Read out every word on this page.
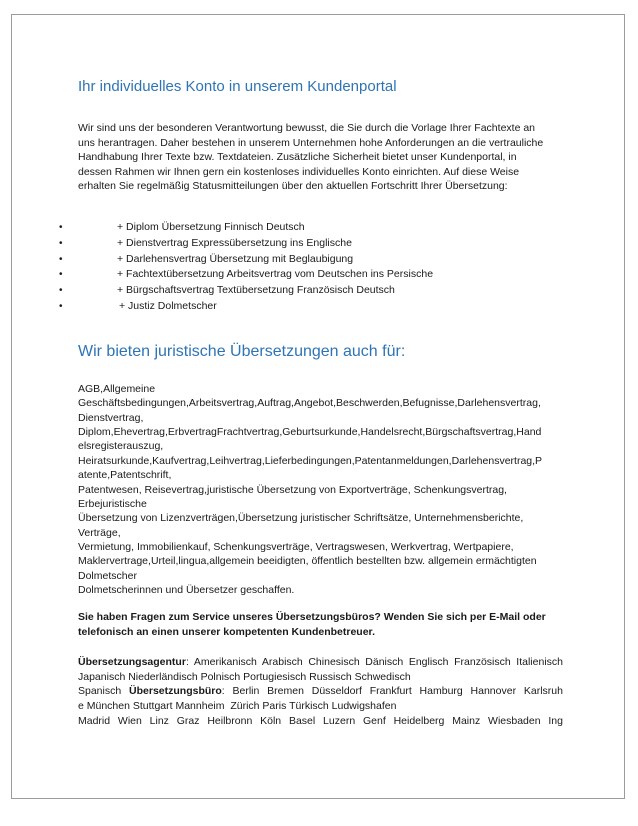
Ihr individuelles Konto in unserem Kundenportal
Wir sind uns der besonderen Verantwortung bewusst, die Sie durch die Vorlage Ihrer Fachtexte an
uns herantragen. Daher bestehen in unserem Unternehmen hohe Anforderungen an die vertrauliche
Handhabung Ihrer Texte bzw. Textdateien. Zusätzliche Sicherheit bietet unser Kundenportal, in
dessen Rahmen wir Ihnen gern ein kostenloses individuelles Konto einrichten. Auf diese Weise
erhalten Sie regelmäßig Statusmitteilungen über den aktuellen Fortschritt Ihrer Übersetzung:
•	+ Diplom Übersetzung Finnisch Deutsch
•	+ Dienstvertrag Expressübersetzung ins Englische
•	+ Darlehensvertrag Übersetzung mit Beglaubigung
•	+ Fachtextübersetzung Arbeitsvertrag vom Deutschen ins Persische
•	+ Bürgschaftsvertrag Textübersetzung Französisch Deutsch
•	+ Justiz Dolmetscher
Wir bieten juristische Übersetzungen auch für:
AGB,Allgemeine
Geschäftsbedingungen,Arbeitsvertrag,Auftrag,Angebot,Beschwerden,Befugnisse,Darlehensvertrag,
Dienstvertrag,
Diplom,Ehevertrag,ErbvertragFrachtvertrag,Geburtsurkunde,Handelsrecht,Bürgschaftsvertrag,Hand
elsregisterauszug,
Heiratsurkunde,Kaufvertrag,Leihvertrag,Lieferbedingungen,Patentanmeldungen,Darlehensvertrag,P
atente,Patentschrift,
Patentwesen, Reisevertrag,juristische Übersetzung von Exportverträge, Schenkungsvertrag,
Erbejuristische
Übersetzung von Lizenzverträgen,Übersetzung juristischer Schriftsätze, Unternehmensberichte,
Verträge,
Vermietung, Immobilienkauf, Schenkungsverträge, Vertragswesen, Werkvertrag, Wertpapiere,
Maklervertrage,Urteil,lingua,allgemein beeidigten, öffentlich bestellten bzw. allgemein ermächtigten
Dolmetscher
Dolmetscherinnen und Übersetzer geschaffen.
Sie haben Fragen zum Service unseres Übersetzungsbüros? Wenden Sie sich per E-Mail oder
telefonisch an einen unserer kompetenten Kundenbetreuer.
Übersetzungsagentur: Amerikanisch Arabisch Chinesisch Dänisch Englisch Französisch Italienisch
Japanisch Niederländisch Polnisch Portugiesisch Russisch Schwedisch
Spanisch Übersetzungsbüro: Berlin Bremen Düsseldorf Frankfurt Hamburg Hannover Karlsruh
e München Stuttgart Mannheim  Zürich Paris Türkisch Ludwigshafen
Madrid Wien Linz Graz Heilbronn Köln Basel Luzern Genf Heidelberg Mainz Wiesbaden Ing
